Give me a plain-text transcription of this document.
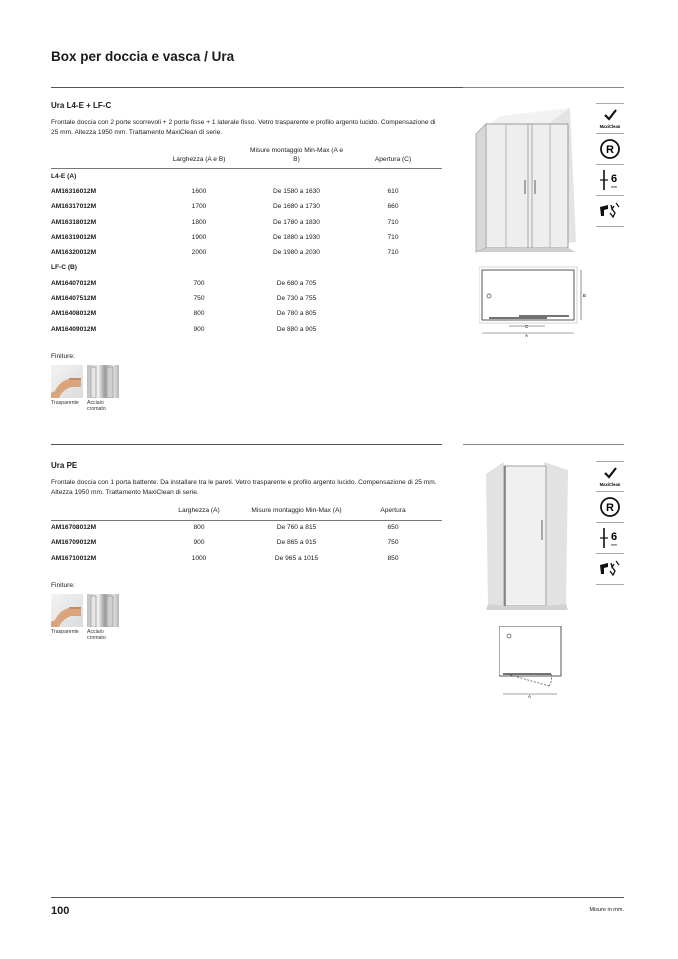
Box per doccia e vasca / Ura
Ura L4-E + LF-C
Frontale doccia con 2 porte scorrevoli + 2 porte fisse + 1 laterale fisso. Vetro trasparente e profilo argento lucido. Compensazione di 25 mm. Altezza 1950 mm. Trattamento MaxiClean di serie.
	Larghezza (A e B)	Misure montaggio Min-Max (A e B)	Apertura (C)
L4-E (A)			
AM16316012M	1600	De 1580 a 1630	610
AM16317012M	1700	De 1680 a 1730	660
AM16318012M	1800	De 1780 a 1830	710
AM16319012M	1900	De 1880 a 1930	710
AM16320012M	2000	De 1980 a 2030	710
LF-C (B)			
AM16407012M	700	De 680 a 705	
AM16407512M	750	De 730 a 755	
AM16408012M	800	De 780 a 805	
AM16409012M	900	De 880 a 905	
Finiture:
Trasparente	Acciaio cromato
MaxiClean
R
6
mm
B
C
A
Ura PE
Frontale doccia con 1 porta battente. Da installare tra le pareti. Vetro trasparente e profilo argento lucido. Compensazione di 25 mm. Altezza 1950 mm. Trattamento MaxiClean di serie.
	Larghezza (A)	Misure montaggio Min-Max (A)	Apertura
AM16708012M	800	De 760 a 815	650
AM16709012M	900	De 865 a 915	750
AM16710012M	1000	De 965 a 1015	850
Finiture:
Trasparente	Acciaio cromato
MaxiClean
R
6
mm
A
100	Misure in mm.
